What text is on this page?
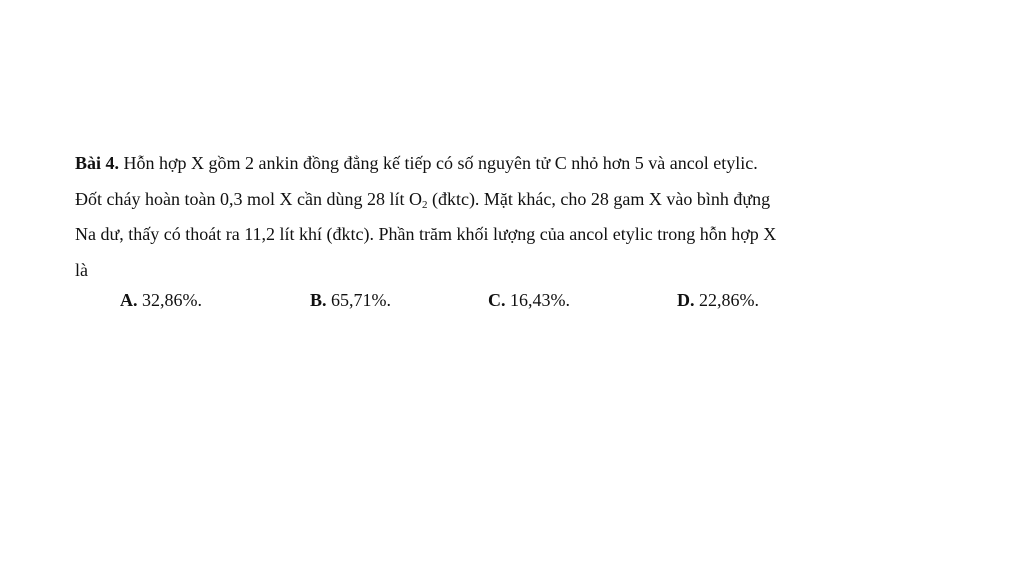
Bài 4. Hỗn hợp X gồm 2 ankin đồng đẳng kế tiếp có số nguyên tử C nhỏ hơn 5 và ancol etylic.
Đốt cháy hoàn toàn 0,3 mol X cần dùng 28 lít $O_2$ (đktc). Mặt khác, cho 28 gam X vào bình đựng
Na dư, thấy có thoát ra 11,2 lít khí (đktc). Phần trăm khối lượng của ancol etylic trong hỗn hợp X
là
A. 32,86%.	B. 65,71%.	C. 16,43%.	D. 22,86%.
